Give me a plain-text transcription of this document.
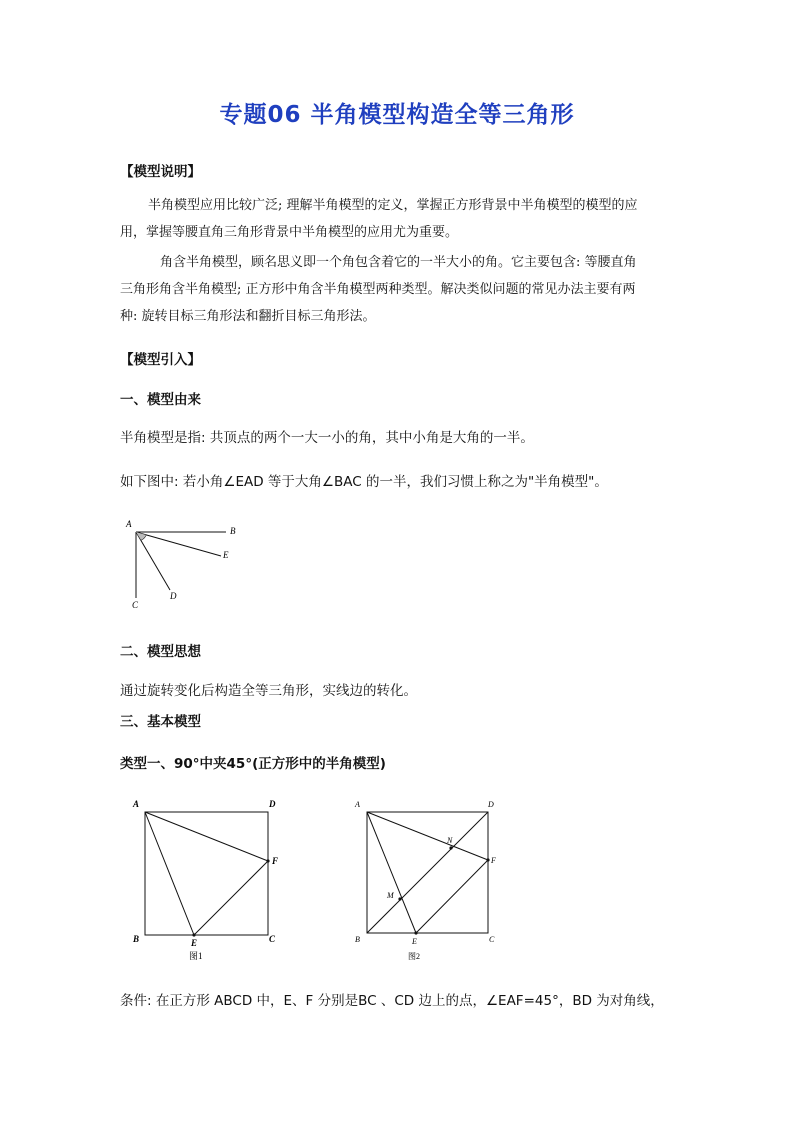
专题06 半角模型构造全等三角形
【模型说明】
半角模型应用比较广泛; 理解半角模型的定义，掌握正方形背景中半角模型的模型的应
用，掌握等腰直角三角形背景中半角模型的应用尤为重要。
角含半角模型，顾名思义即一个角包含着它的一半大小的角。它主要包含: 等腰直角
三角形角含半角模型; 正方形中角含半角模型两种类型。解决类似问题的常见办法主要有两
种: 旋转目标三角形法和翻折目标三角形法。
【模型引入】
一、模型由来
半角模型是指: 共顶点的两个一大一小的角，其中小角是大角的一半。
如下图中: 若小角∠EAD 等于大角∠BAC 的一半，我们习惯上称之为"半角模型"。
A
B
E
D
C
二、模型思想
通过旋转变化后构造全等三角形，实线边的转化。
三、基本模型
类型一、90°中夹45°(正方形中的半角模型)
A	D
F
B	E	C
图1
A	D
N
F
M
B	E	C
图2
条件: 在正方形 ABCD 中，E、F 分别是BC 、CD 边上的点，∠EAF=45°，BD 为对角线，
